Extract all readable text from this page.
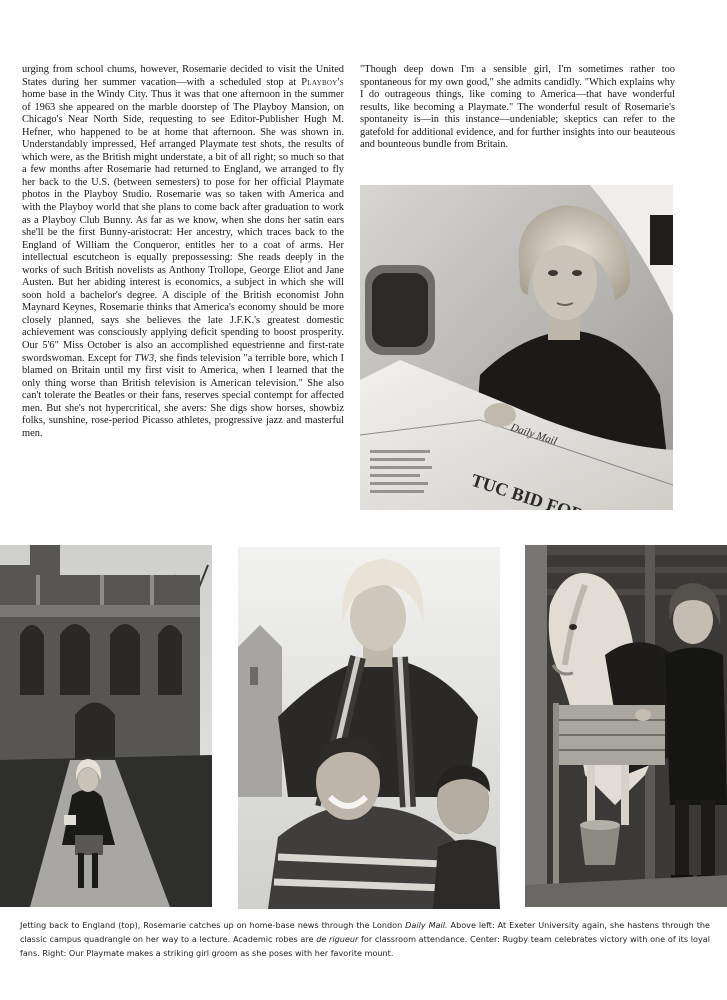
urging from school chums, however, Rosemarie decided to visit the United States during her summer vacation—with a scheduled stop at Playboy's home base in the Windy City. Thus it was that one afternoon in the summer of 1963 she appeared on the marble doorstep of The Playboy Mansion, on Chicago's Near North Side, requesting to see Editor-Publisher Hugh M. Hefner, who happened to be at home that afternoon. She was shown in. Understandably impressed, Hef arranged Playmate test shots, the results of which were, as the British might understate, a bit of all right; so much so that a few months after Rosemarie had returned to England, we arranged to fly her back to the U.S. (between semesters) to pose for her official Playmate photos in the Playboy Studio. Rosemarie was so taken with America and with the Playboy world that she plans to come back after graduation to work as a Playboy Club Bunny. As far as we know, when she dons her satin ears she'll be the first Bunny-aristocrat: Her ancestry, which traces back to the England of William the Conqueror, entitles her to a coat of arms. Her intellectual escutcheon is equally prepossessing: She reads deeply in the works of such British novelists as Anthony Trollope, George Eliot and Jane Austen. But her abiding interest is economics, a subject in which she will soon hold a bachelor's degree. A disciple of the British economist John Maynard Keynes, Rosemarie thinks that America's economy should be more closely planned, says she believes the late J.F.K.'s greatest domestic achievement was consciously applying deficit spending to boost prosperity. Our 5'6" Miss October is also an accomplished equestrienne and first-rate swordswoman. Except for TW3, she finds television "a terrible bore, which I blamed on Britain until my first visit to America, when I learned that the only thing worse than British television is American television." She also can't tolerate the Beatles or their fans, reserves special contempt for affected men. But she's not hypercritical, she avers: She digs show horses, showbiz folks, sunshine, rose-period Picasso athletes, progressive jazz and masterful men.

"Though deep down I'm a sensible girl, I'm sometimes rather too spontaneous for my own good," she admits candidly. "Which explains why I do outrageous things, like coming to America—that have wonderful results, like becoming a Playmate." The wonderful result of Rosemarie's spontaneity is—in this instance—undeniable; skeptics can refer to the gatefold for additional evidence, and for further insights into our beauteous and bounteous bundle from Britain.

Daily Mail

Jetting back to England (top), Rosemarie catches up on home-base news through the London Daily Mail. Above left: At Exeter University again, she hastens through the classic campus quadrangle on her way to a lecture. Academic robes are de rigueur for classroom attendance. Center: Rugby team celebrates victory with one of its loyal fans. Right: Our Playmate makes a striking girl groom as she poses with her favorite mount.
